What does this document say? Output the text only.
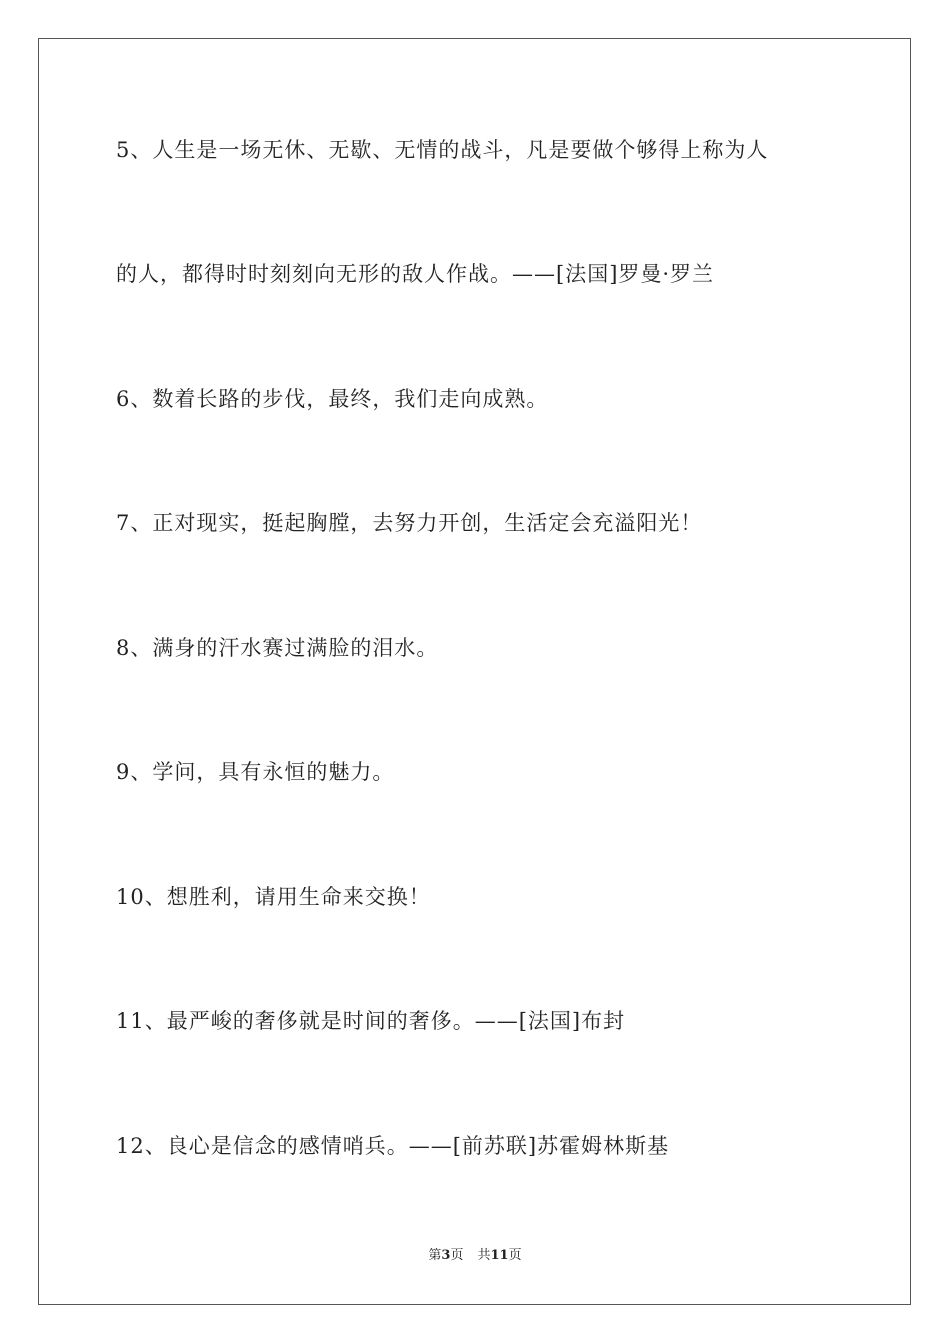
5、人生是一场无休、无歇、无情的战斗，凡是要做个够得上称为人
的人，都得时时刻刻向无形的敌人作战。——[法国]罗曼·罗兰
6、数着长路的步伐，最终，我们走向成熟。
7、正对现实，挺起胸膛，去努力开创，生活定会充溢阳光！
8、满身的汗水赛过满脸的泪水。
9、学问，具有永恒的魅力。
10、想胜利，请用生命来交换！
11、最严峻的奢侈就是时间的奢侈。——[法国]布封
12、良心是信念的感情哨兵。——[前苏联]苏霍姆林斯基
第3页 共11页
